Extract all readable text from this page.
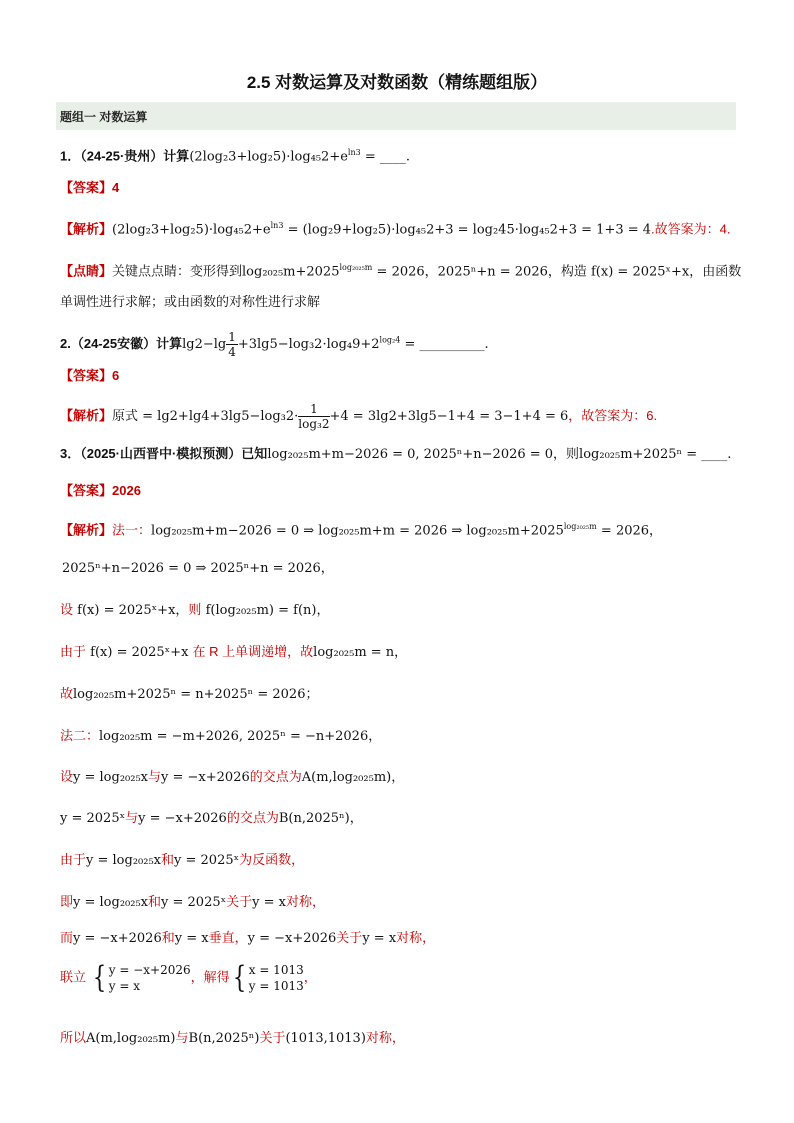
2.5 对数运算及对数函数（精练题组版）
题组一 对数运算
1．（24-25·贵州）计算$(2\log_23+\log_25)\cdot\log_{45}2+e^{ln3}$ = ____.
【答案】4
【解析】$(2\log_23+\log_25)\cdot\log_{45}2+e^{ln3} = (\log_29+\log_25)\cdot\log_{45}2+3 = \log_245\cdot\log_{45}2+3 = 1+3 = 4$.故答案为：4.
【点睛】关键点点睛：变形得到$\log_{2025}m+2025^{log_{2025}m} = 2026$，2025ⁿ+n = 2026，构造 f(x) = 2025ˣ+x，由函数
单调性进行求解；或由函数的对称性进行求解
2.（24-25安徽）计算$\lg 2-\lg \frac{1}{4} +3\lg 5-\log_32\cdot\log_49+2^{log_24}$ = __________.
【答案】6
【解析】原式 = $\lg 2+\lg 4+3\lg 5-\log_32\cdot \frac{1}{\text{log₃2}} +4 = 3\lg 2+3\lg 5-1+4 = 3-1+4 = 6$，故答案为：6.
3．（2025·山西晋中·模拟预测）已知log₂₀₂₅m+m−2026 = 0, 2025ⁿ+n−2026 = 0，则log₂₀₂₅m+2025ⁿ = ____.
【答案】2026
【解析】法一：log₂₀₂₅m+m−2026 = 0 ⇒ log₂₀₂₅m+m = 2026 ⇒ $\log_{2025}m+2025^{log_{2025}m} = 2026$，
2025ⁿ+n−2026 = 0 ⇒ 2025ⁿ+n = 2026，
设 f(x) = 2025ˣ+x，则 f(log₂₀₂₅m) = f(n)，
由于 f(x) = 2025ˣ+x 在 R 上单调递增，故log₂₀₂₅m = n，
故log₂₀₂₅m+2025ⁿ = n+2025ⁿ = 2026；
法二：log₂₀₂₅m = −m+2026, 2025ⁿ = −n+2026，
设y = log₂₀₂₅x与y = −x+2026的交点为A(m,log₂₀₂₅m)，
y = 2025ˣ与y = −x+2026的交点为B(n,2025ⁿ)，
由于y = log₂₀₂₅x和y = 2025ˣ为反函数，
即y = log₂₀₂₅x和y = 2025ˣ关于y = x对称，
而y = −x+2026和y = x垂直，y = −x+2026关于y = x对称，
联立 { y = −x+2026
y = x
，解得{ x = 1013
y = 1013
，
所以A(m,log₂₀₂₅m)与B(n,2025ⁿ)关于(1013,1013)对称，
